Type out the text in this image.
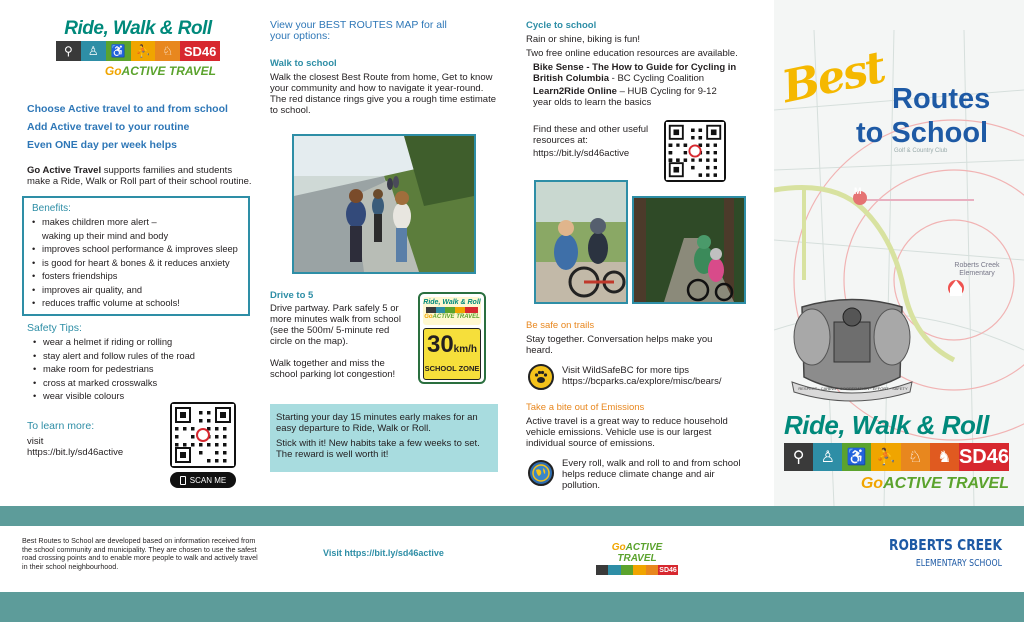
Ride, Walk & Roll
⚲	♙ ♿ ⛹ ♘ SD46
GoACTIVE TRAVEL
Choose Active travel to and from school
Add Active travel to your routine
Even ONE day per week helps
Go Active Travel supports families and students make a Ride, Walk or Roll part of their school routine.
Benefits:
• makes children more alert –
waking up their mind and body
• improves school performance & improves sleep
• is good for heart & bones & it reduces anxiety
• fosters friendships
• improves air quality, and
• reduces traffic volume at schools!
Safety Tips:
• wear a helmet if riding or rolling
• stay alert and follow rules of the road
• make room for pedestrians
• cross at marked crosswalks
• wear visible colours
To learn more:
visit
https://bit.ly/sd46active
SCAN ME
View your BEST ROUTES MAP for all your options:
Walk to school
Walk the closest Best Route from home, Get to know your community and how to navigate it year-round. The red distance rings give you a rough time estimate to school.
Drive to 5
Drive partway. Park safely 5 or more minutes walk from school (see the 500m/ 5-minute red circle on the map).
Walk together and miss the school parking lot congestion!
Ride, Walk & Roll
GoACTIVE TRAVEL
30km/h
SCHOOL ZONE
Starting your day 15 minutes early makes for an easy departure to Ride, Walk or Roll.
Stick with it! New habits take a few weeks to set. The reward is well worth it!
Cycle to school
Rain or shine, biking is fun!
Two free online education resources are available.
Bike Sense - The How to Guide for Cycling in British Columbia - BC Cycling Coalition
Learn2Ride Online – HUB Cycling for 9-12 year olds to learn the basics
Find these and other useful resources at:
https://bit.ly/sd46active
Be safe on trails
Stay together. Conversation helps make you heard.
Visit WildSafeBC for more tips
https://bcparks.ca/explore/misc/bears/
Take a bite out of Emissions
Active travel is a great way to reduce household vehicle emissions. Vehicle use is our largest individual source of emissions.
Every roll, walk and roll to and from school helps reduce climate change and air pollution.
M
Golf & Country Club
Roberts Creek Elementary
Best Routes
to School
RESPECT · CARING · COOPERATION · EFFORT · SAFETY
Ride, Walk & Roll
⚲	♙ ♿ ⛹ ♘ ♞ SD46
GoACTIVE TRAVEL
Best Routes to School are developed based on information received from the school community and municipality. They are chosen to use the safest road crossing points and to enable more people to walk and actively travel in their school neighbourhood.
Visit https://bit.ly/sd46active	GoACTIVE TRAVEL
SD46
ROBERTS CREEK
ELEMENTARY SCHOOL
